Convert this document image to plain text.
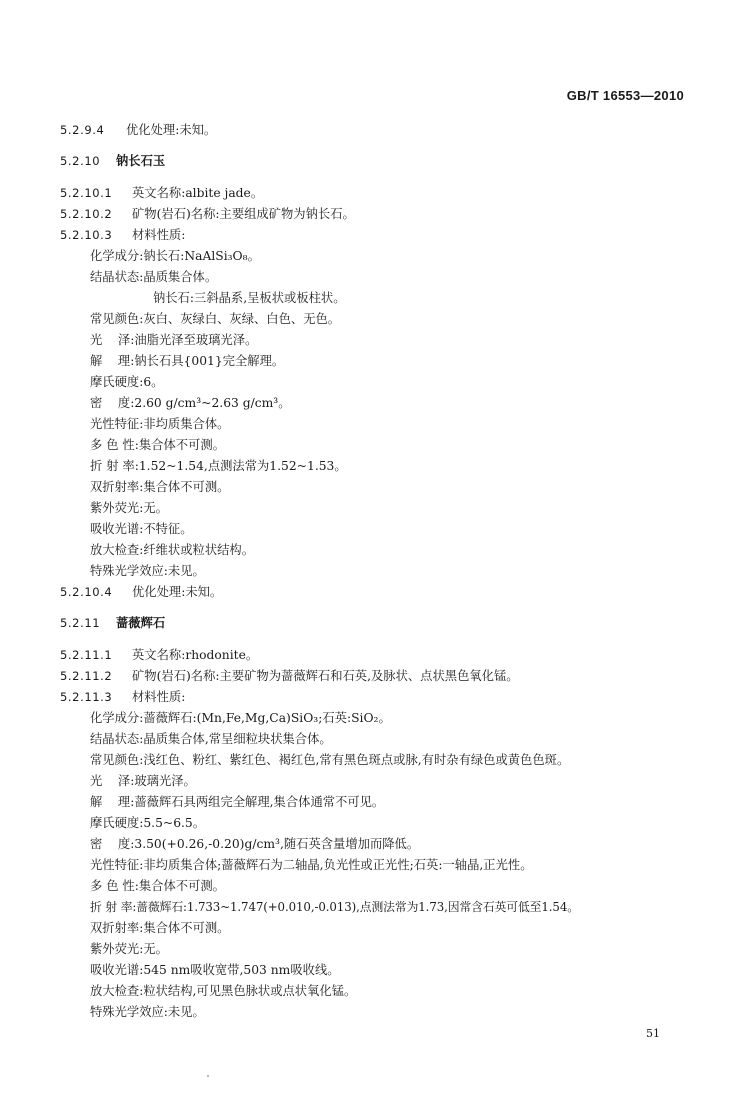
GB/T 16553—2010
5.2.9.4 优化处理:未知。
5.2.10 钠长石玉
5.2.10.1 英文名称:albite jade。
5.2.10.2 矿物(岩石)名称:主要组成矿物为钠长石。
5.2.10.3 材料性质:
化学成分:钠长石:NaAlSi₃O₈。
结晶状态:晶质集合体。
钠长石:三斜晶系,呈板状或板柱状。
常见颜色:灰白、灰绿白、灰绿、白色、无色。
光    泽:油脂光泽至玻璃光泽。
解    理:钠长石具{001}完全解理。
摩氏硬度:6。
密    度:2.60 g/cm³~2.63 g/cm³。
光性特征:非均质集合体。
多 色 性:集合体不可测。
折 射 率:1.52~1.54,点测法常为1.52~1.53。
双折射率:集合体不可测。
紫外荧光:无。
吸收光谱:不特征。
放大检查:纤维状或粒状结构。
特殊光学效应:未见。
5.2.10.4 优化处理:未知。
5.2.11 蔷薇辉石
5.2.11.1 英文名称:rhodonite。
5.2.11.2 矿物(岩石)名称:主要矿物为蔷薇辉石和石英,及脉状、点状黑色氧化锰。
5.2.11.3 材料性质:
化学成分:蔷薇辉石:(Mn,Fe,Mg,Ca)SiO₃;石英:SiO₂。
结晶状态:晶质集合体,常呈细粒块状集合体。
常见颜色:浅红色、粉红、紫红色、褐红色,常有黑色斑点或脉,有时杂有绿色或黄色色斑。
光    泽:玻璃光泽。
解    理:蔷薇辉石具两组完全解理,集合体通常不可见。
摩氏硬度:5.5~6.5。
密    度:3.50(+0.26,-0.20)g/cm³,随石英含量增加而降低。
光性特征:非均质集合体;蔷薇辉石为二轴晶,负光性或正光性;石英:一轴晶,正光性。
多 色 性:集合体不可测。
折 射 率:蔷薇辉石:1.733~1.747(+0.010,-0.013),点测法常为1.73,因常含石英可低至1.54。
双折射率:集合体不可测。
紫外荧光:无。
吸收光谱:545 nm吸收宽带,503 nm吸收线。
放大检查:粒状结构,可见黑色脉状或点状氧化锰。
特殊光学效应:未见。
51
